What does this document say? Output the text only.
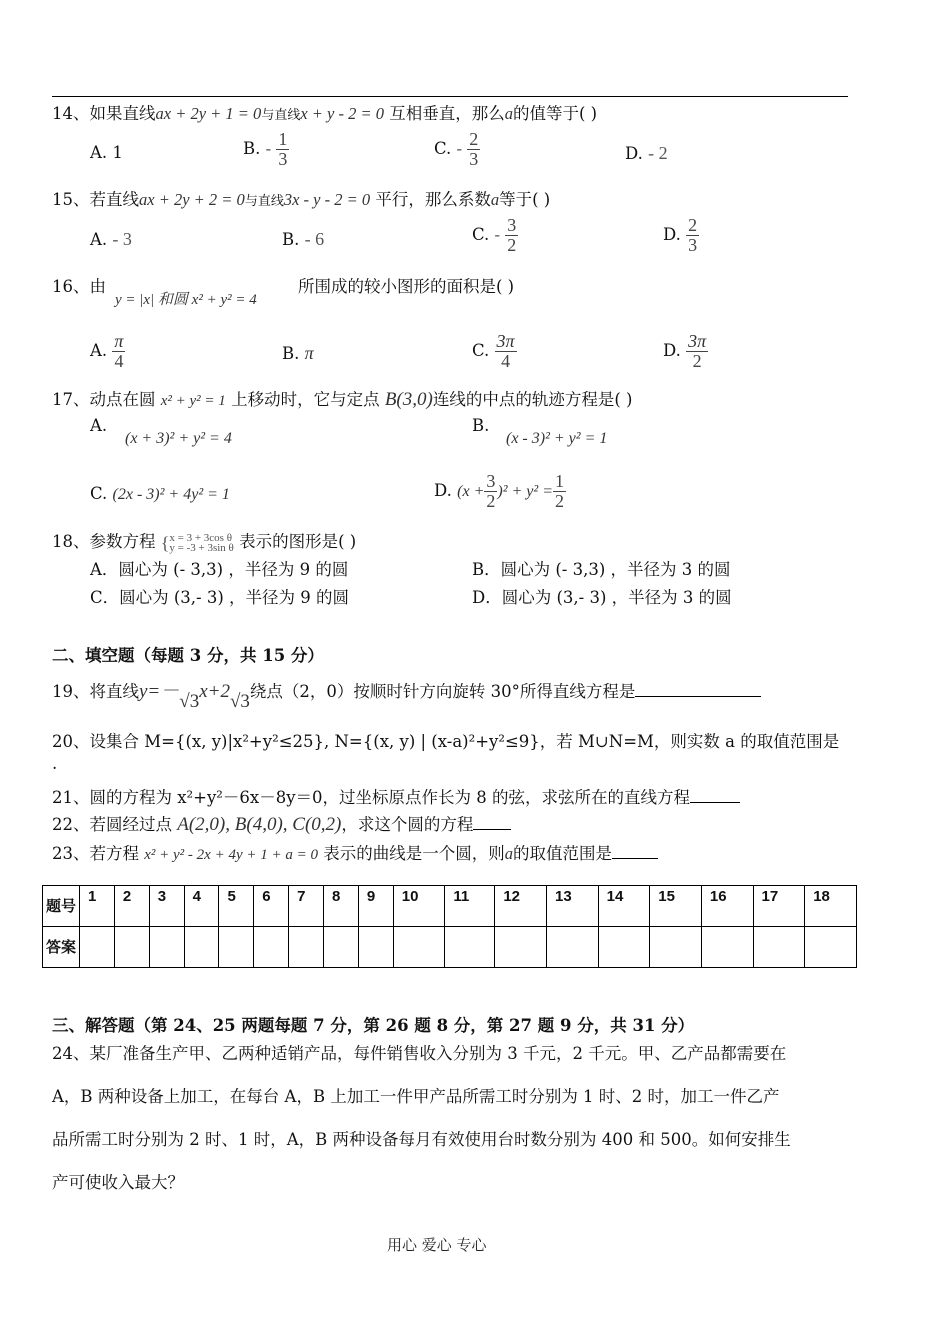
14、如果直线ax + 2y + 1 = 0与直线x + y - 2 = 0 互相垂直，那么a的值等于( )
A. 1	B. - $\frac{1}{3}$	C. - $\frac{2}{3}$	D. - 2
15、若直线ax + 2y + 2 = 0与直线3x - y - 2 = 0 平行，那么系数a等于( )
A. - 3	B. - 6	C. - $\frac{3}{2}$	D. $\frac{2}{3}$
16、由
y = |x| 和圆 x² + y² = 4
所围成的较小图形的面积是( )
A. $\frac{\pi}{4}$	B. π	C. $\frac{3\pi}{4}$	D. $\frac{3\pi}{2}$
17、动点在圆 x² + y² = 1 上移动时，它与定点 B(3,0)连线的中点的轨迹方程是( )
A.
(x + 3)² + y² = 4
B.
(x - 3)² + y² = 1
C. (2x - 3)² + 4y² = 1	D. $(x + \frac{3}{2} )^2 + y^2 = \frac{1}{2}$
18、参数方程 { x = 3 + 3cos θ
y = -3 + 3sin θ 表示的图形是( )
A．圆心为 (- 3,3) ，半径为 9 的圆	B．圆心为 (- 3,3) ，半径为 3 的圆
C．圆心为 (3,- 3) ，半径为 9 的圆	D．圆心为 (3,- 3) ，半径为 3 的圆
二、填空题（每题 3 分，共 15 分）
19、将直线y=－√3x+2√3绕点（2，0）按顺时针方向旋转 30°所得直线方程是
20、设集合 M={(x, y)|x²+y²≤25}, N={(x, y) | (x-a)²+y²≤9}，若 M∪N=M，则实数 a 的取值范围是
.
21、圆的方程为 x²+y²－6x－8y＝0，过坐标原点作长为 8 的弦，求弦所在的直线方程
22、若圆经过点 A(2,0), B(4,0), C(0,2)，求这个圆的方程
23、若方程 x² + y² - 2x + 4y + 1 + a = 0 表示的曲线是一个圆，则a的取值范围是
题号	1	2	3	4	5	6	7	8	9	10	11	12	13	14	15	16	17	18
答案																		
三、解答题（第 24、25 两题每题 7 分，第 26 题 8 分，第 27 题 9 分，共 31 分）
24、某厂准备生产甲、乙两种适销产品，每件销售收入分别为 3 千元，2 千元。甲、乙产品都需要在
A，B 两种设备上加工，在每台 A，B 上加工一件甲产品所需工时分别为 1 时、2 时，加工一件乙产
品所需工时分别为 2 时、1 时，A，B 两种设备每月有效使用台时数分别为 400 和 500。如何安排生
产可使收入最大？
用心 爱心 专心
